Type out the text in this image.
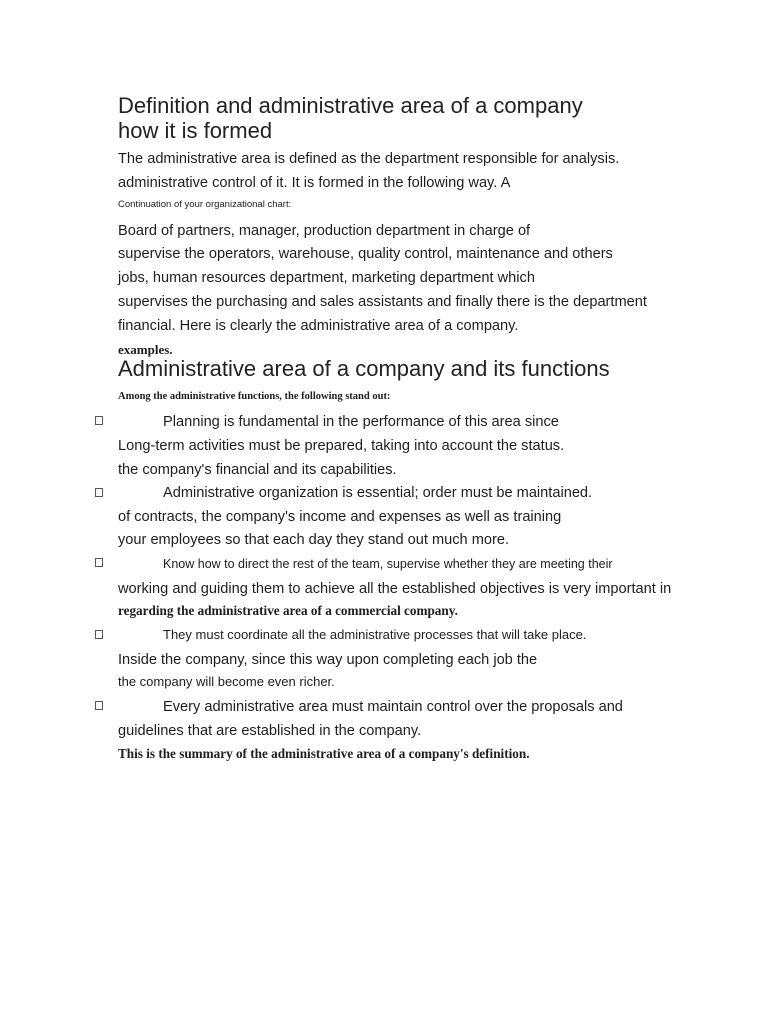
Definition and administrative area of a company
how it is formed
The administrative area is defined as the department responsible for analysis.
administrative control of it. It is formed in the following way. A
Continuation of your organizational chart:
Board of partners, manager, production department in charge of
supervise the operators, warehouse, quality control, maintenance and others
jobs, human resources department, marketing department which
supervises the purchasing and sales assistants and finally there is the department
financial. Here is clearly the administrative area of a company.
examples.
Administrative area of a company and its functions
Among the administrative functions, the following stand out:
Planning is fundamental in the performance of this area since
Long-term activities must be prepared, taking into account the status.
the company's financial and its capabilities.
Administrative organization is essential; order must be maintained.
of contracts, the company's income and expenses as well as training
your employees so that each day they stand out much more.
Know how to direct the rest of the team, supervise whether they are meeting their
working and guiding them to achieve all the established objectives is very important in
regarding the administrative area of a commercial company.
They must coordinate all the administrative processes that will take place.
Inside the company, since this way upon completing each job the
the company will become even richer.
Every administrative area must maintain control over the proposals and
guidelines that are established in the company.
This is the summary of the administrative area of a company's definition.
